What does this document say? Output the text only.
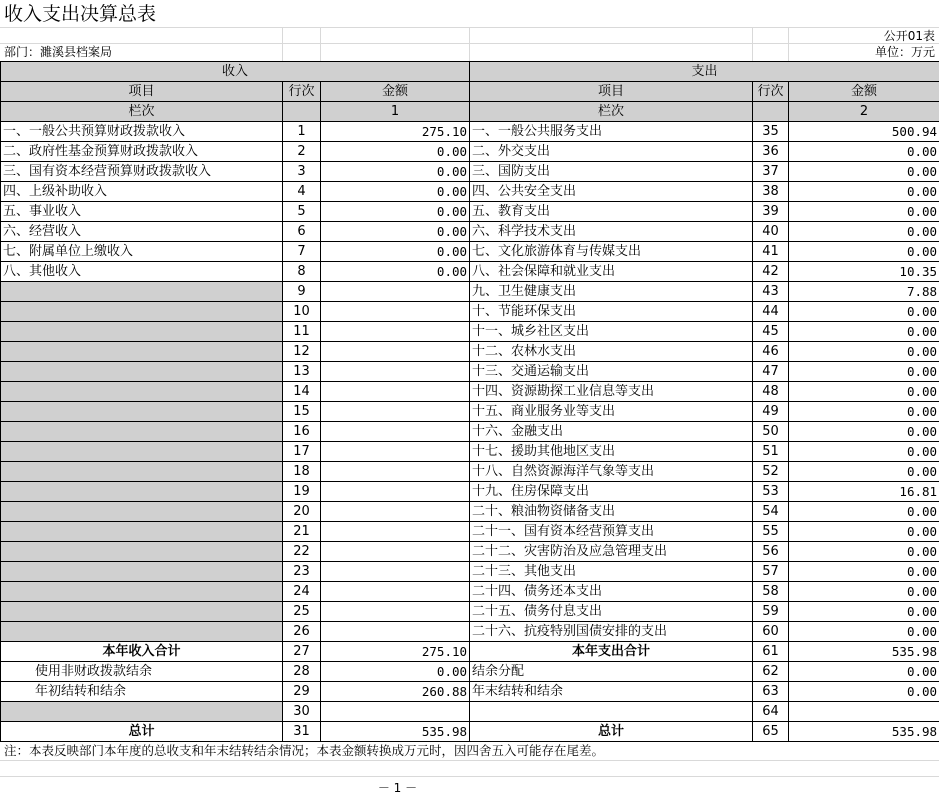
收入支出决算总表
公开01表
部门：濉溪县档案局	单位：万元
收入			支出		
项目	行次	金额	项目	行次	金额
栏次		1	栏次		2
一、一般公共预算财政拨款收入	1	275.10	一、一般公共服务支出	35	500.94
二、政府性基金预算财政拨款收入	2	0.00	二、外交支出	36	0.00
三、国有资本经营预算财政拨款收入	3	0.00	三、国防支出	37	0.00
四、上级补助收入	4	0.00	四、公共安全支出	38	0.00
五、事业收入	5	0.00	五、教育支出	39	0.00
六、经营收入	6	0.00	六、科学技术支出	40	0.00
七、附属单位上缴收入	7	0.00	七、文化旅游体育与传媒支出	41	0.00
八、其他收入	8	0.00	八、社会保障和就业支出	42	10.35
	9		九、卫生健康支出	43	7.88
	10		十、节能环保支出	44	0.00
	11		十一、城乡社区支出	45	0.00
	12		十二、农林水支出	46	0.00
	13		十三、交通运输支出	47	0.00
	14		十四、资源勘探工业信息等支出	48	0.00
	15		十五、商业服务业等支出	49	0.00
	16		十六、金融支出	50	0.00
	17		十七、援助其他地区支出	51	0.00
	18		十八、自然资源海洋气象等支出	52	0.00
	19		十九、住房保障支出	53	16.81
	20		二十、粮油物资储备支出	54	0.00
	21		二十一、国有资本经营预算支出	55	0.00
	22		二十二、灾害防治及应急管理支出	56	0.00
	23		二十三、其他支出	57	0.00
	24		二十四、债务还本支出	58	0.00
	25		二十五、债务付息支出	59	0.00
	26		二十六、抗疫特别国债安排的支出	60	0.00
本年收入合计	27	275.10	本年支出合计	61	535.98
使用非财政拨款结余	28	0.00	结余分配	62	0.00
年初结转和结余	29	260.88	年末结转和结余	63	0.00
	30			64	
总计	31	535.98	总计	65	535.98
注：本表反映部门本年度的总收支和年末结转结余情况；本表金额转换成万元时，因四舍五入可能存在尾差。
－ 1 －
